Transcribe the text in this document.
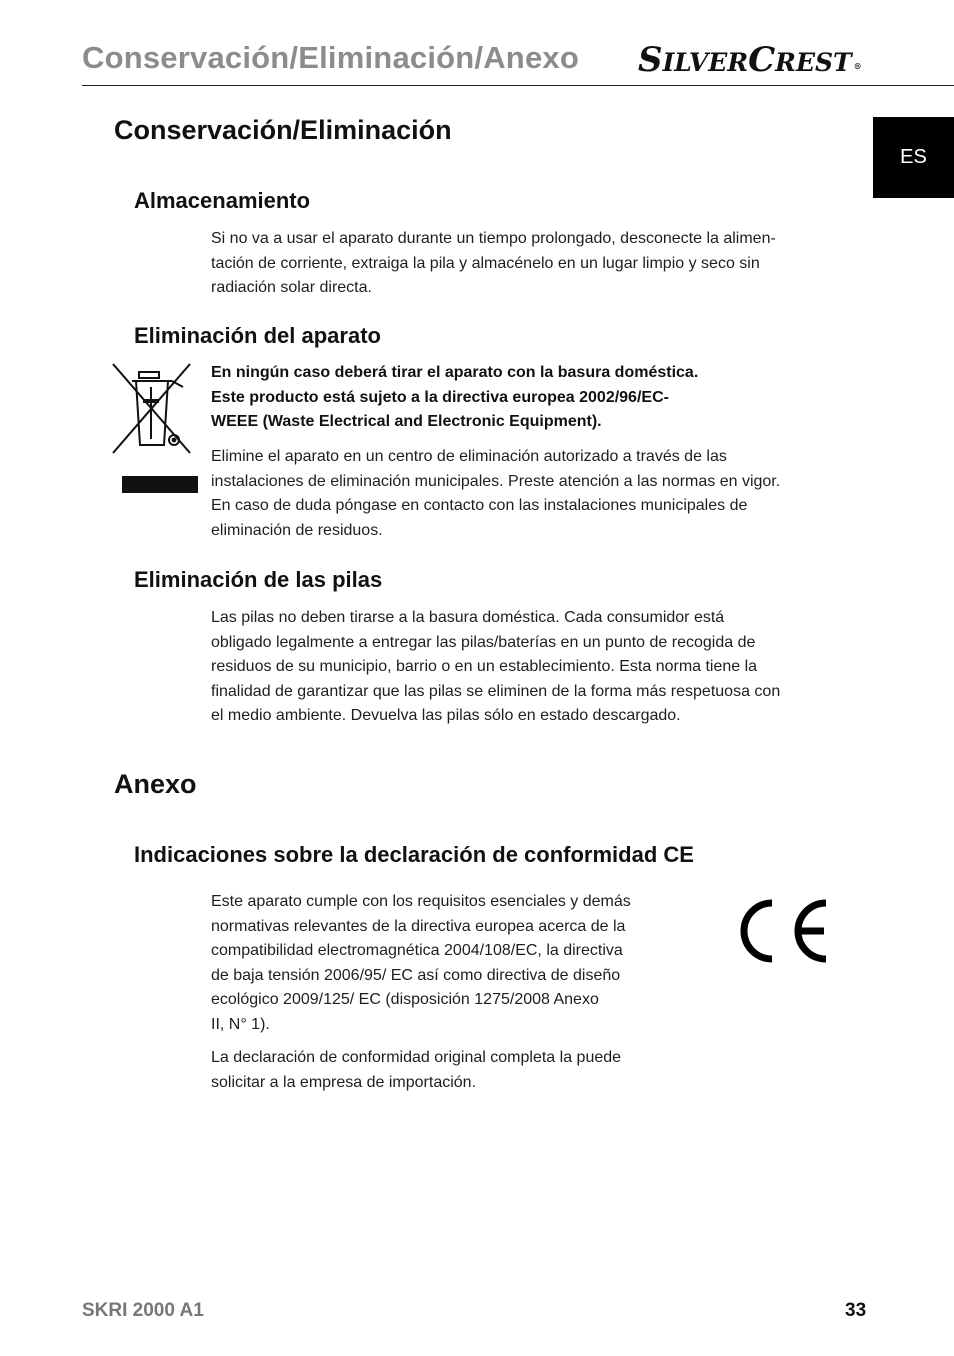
Conservación/Eliminación/Anexo SILVERCREST ®
ES
Conservación/Eliminación
Almacenamiento

Si no va a usar el aparato durante un tiempo prolongado, desconecte la alimen-

tación de corriente, extraiga la pila y almacénelo en un lugar limpio y seco sin

radiación solar directa.

Eliminación del aparato

En ningún caso deberá tirar el aparato con la basura doméstica.

Este producto está sujeto a la directiva europea 2002/96/EC-

WEEE (Waste Electrical and Electronic Equipment).

Elimine el aparato en un centro de eliminación autorizado a través de las

instalaciones de eliminación municipales. Preste atención a las normas en vigor.

En caso de duda póngase en contacto con las instalaciones municipales de

eliminación de residuos.

Eliminación de las pilas

Las pilas no deben tirarse a la basura doméstica. Cada consumidor está

obligado legalmente a entregar las pilas/baterías en un punto de recogida de

residuos de su municipio, barrio o en un establecimiento. Esta norma tiene la

finalidad de garantizar que las pilas se eliminen de la forma más respetuosa con

el medio ambiente. Devuelva las pilas sólo en estado descargado.

Anexo
Indicaciones sobre la declaración de conformidad CE

Este aparato cumple con los requisitos esenciales y demás

normativas relevantes de la directiva europea acerca de la

compatibilidad electromagnética 2004/108/EC, la directiva

de baja tensión 2006/95/ EC así como directiva de diseño

ecológico 2009/125/ EC (disposición 1275/2008 Anexo

II, N° 1).

La declaración de conformidad original completa la puede

solicitar a la empresa de importación.

SKRI 2000 A1	33
